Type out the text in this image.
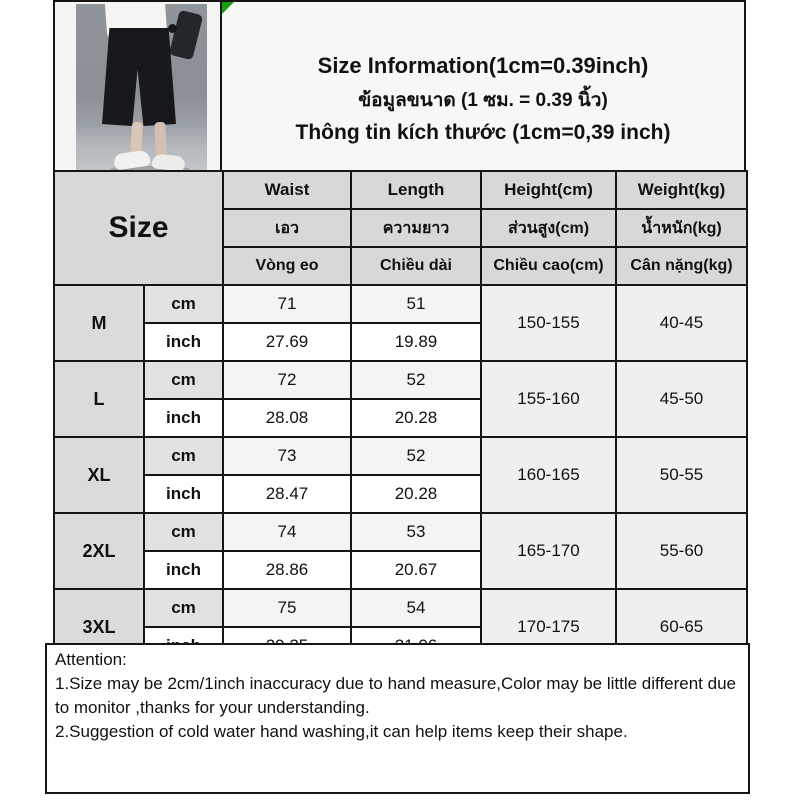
Size Information(1cm=0.39inch)
ข้อมูลขนาด (1 ซม. = 0.39 นิ้ว)
Thông tin kích thước (1cm=0,39 inch)
Size		Waist	Length	Height(cm)	Weight(kg)
		เอว	ความยาว	ส่วนสูง(cm)	น้ำหนัก(kg)
		Vòng eo	Chiều dài	Chiều cao(cm)	Cân nặng(kg)
M	cm	71	51	150-155	40-45
	inch	27.69	19.89		
L	cm	72	52	155-160	45-50
	inch	28.08	20.28		
XL	cm	73	52	160-165	50-55
	inch	28.47	20.28		
2XL	cm	74	53	165-170	55-60
	inch	28.86	20.67		
3XL	cm	75	54	170-175	60-65

Attention:

1.Size may be 2cm/1inch inaccuracy due to hand measure,Color may be little different due to monitor ,thanks for your understanding.

2.Suggestion of cold water hand washing,it can help items keep their shape.
